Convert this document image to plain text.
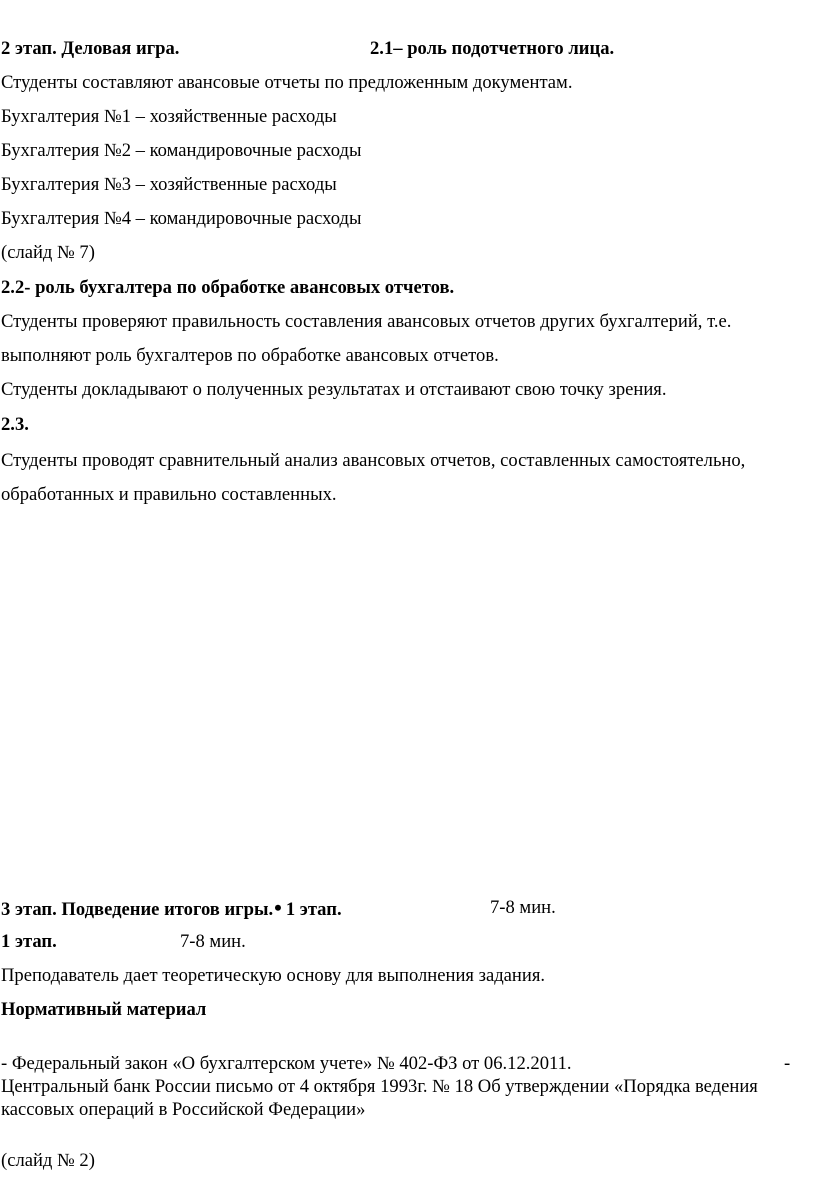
2 этап. Деловая игра.	2.1– роль подотчетного лица.
Студенты составляют авансовые отчеты по предложенным документам.
Бухгалтерия №1 – хозяйственные расходы
Бухгалтерия №2 – командировочные расходы
Бухгалтерия №3 – хозяйственные расходы
Бухгалтерия №4 – командировочные расходы
(слайд № 7)
2.2- роль бухгалтера по обработке авансовых отчетов.
Студенты проверяют правильность составления авансовых отчетов других бухгалтерий, т.е.
выполняют роль бухгалтеров по обработке авансовых отчетов.
Студенты докладывают о полученных результатах и отстаивают свою точку зрения.
2.3.
Студенты проводят сравнительный анализ авансовых отчетов, составленных самостоятельно,
обработанных и правильно составленных.
3 этап. Подведение итогов игры.• 1 этап.	7-8 мин.
1 этап.	7-8 мин.
Преподаватель дает теоретическую основу для выполнения задания.
Нормативный материал
- Федеральный закон «О бухгалтерском учете» № 402-ФЗ от 06.12.2011.	-
Центральный банк России письмо от 4 октября 1993г. № 18 Об утверждении «Порядка ведения
кассовых операций в Российской Федерации»
(слайд № 2)
